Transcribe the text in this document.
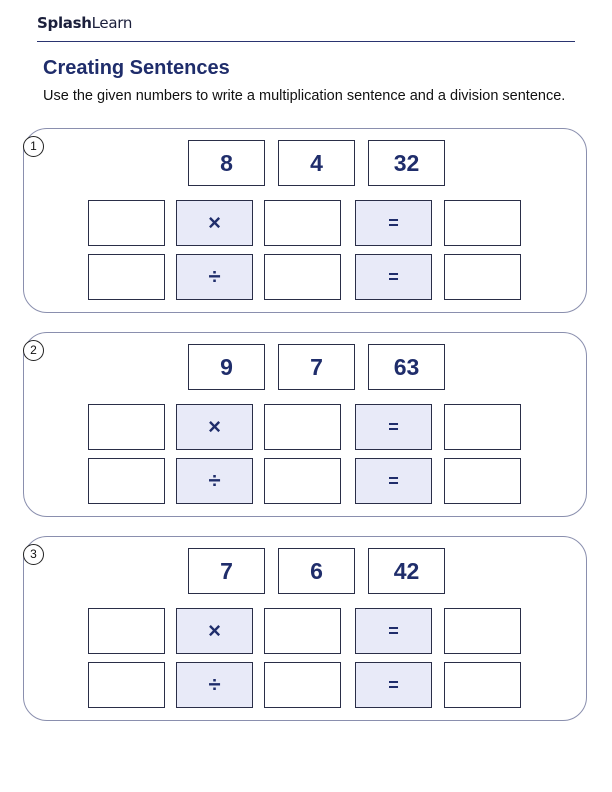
SplashLearn
Creating Sentences
Use the given numbers to write a multiplication sentence and a division sentence.
1
8	4	32
×	=
÷	=
2
9	7	63
×	=
÷	=
3
7	6	42
×	=
÷	=
